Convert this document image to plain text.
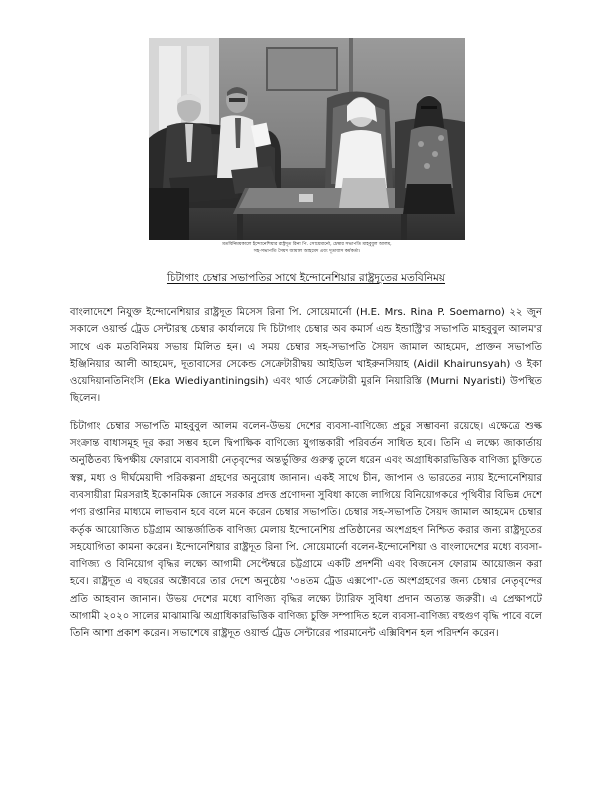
মতবিনিময়কালে ইন্দোনেশিয়ার রাষ্ট্রদূত রিনা পি. সোয়েমার্নো, চেম্বার সভাপতি মাহবুবুল আলম,
সহ-সভাপতি সৈয়দ জামাল আহমেদ এবং দূতাবাস কর্মকর্তা।
চিটাগাং চেম্বার সভাপতির সাথে ইন্দোনেশিয়ার রাষ্ট্রদূতের মতবিনিময়

বাংলাদেশে নিযুক্ত ইন্দোনেশিয়ার রাষ্ট্রদূত মিসেস রিনা পি. সোয়েমার্নো (H.E. Mrs. Rina P. Soemarno) ২২ জুন সকালে ওয়ার্ল্ড ট্রেড সেন্টারস্থ চেম্বার কার্যালয়ে দি চিটাগাং চেম্বার অব কমার্স এন্ড ইন্ডাস্ট্রি'র সভাপতি মাহবুবুল আলম'র সাথে এক মতবিনিময় সভায় মিলিত হন। এ সময় চেম্বার সহ-সভাপতি সৈয়দ জামাল আহমেদ, প্রাক্তন সভাপতি ইঞ্জিনিয়ার আলী আহমেদ, দূতাবাসের সেকেন্ড সেক্রেটারীদ্বয় আইডিল খাইরুনসিয়াহ (Aidil Khairunsyah) ও ইকা ওয়েদিয়ানতিনিংসি (Eka Wiediyantiningsih) এবং থার্ড সেক্রেটারী মুরনি নিয়ারিস্তি (Murni Nyaristi) উপস্থিত ছিলেন।

চিটাগাং চেম্বার সভাপতি মাহবুবুল আলম বলেন-উভয় দেশের ব্যবসা-বাণিজ্যে প্রচুর সম্ভাবনা রয়েছে। এক্ষেত্রে শুল্ক সংক্রান্ত বাধাসমূহ দূর করা সম্ভব হলে দ্বিপাক্ষিক বাণিজ্যে যুগান্তকারী পরিবর্তন সাধিত হবে। তিনি এ লক্ষ্যে জাকার্তায় অনুষ্ঠিতব্য দ্বিপক্ষীয় ফোরামে ব্যবসায়ী নেতৃবৃন্দের অন্তর্ভুক্তির গুরুত্ব তুলে ধরেন এবং অগ্রাধিকারভিত্তিক বাণিজ্য চুক্তিতে স্বল্প, মধ্য ও দীর্ঘমেয়াদী পরিকল্পনা গ্রহণের অনুরোধ জানান। একই সাথে চীন, জাপান ও ভারতের ন্যায় ইন্দোনেশিয়ার ব্যবসায়ীরা মিরসরাই ইকোনমিক জোনে সরকার প্রদত্ত প্রণোদনা সুবিধা কাজে লাগিয়ে বিনিয়োগকরে পৃথিবীর বিভিন্ন দেশে পণ্য রপ্তানির মাধ্যমে লাভবান হবে বলে মনে করেন চেম্বার সভাপতি। চেম্বার সহ-সভাপতি সৈয়দ জামাল আহমেদ চেম্বার কর্তৃক আয়োজিত চট্টগ্রাম আন্তর্জাতিক বাণিজ্য মেলায় ইন্দোনেশিয় প্রতিষ্ঠানের অংশগ্রহণ নিশ্চিত করার জন্য রাষ্ট্রদূতের সহযোগিতা কামনা করেন। ইন্দোনেশিয়ার রাষ্ট্রদূত রিনা পি. সোয়েমার্নো বলেন-ইন্দোনেশিয়া ও বাংলাদেশের মধ্যে ব্যবসা-বাণিজ্য ও বিনিয়োগ বৃদ্ধির লক্ষ্যে আগামী সেপ্টেম্বরে চট্টগ্রামে একটি প্রদর্শনী এবং বিজনেস ফোরাম আয়োজন করা হবে। রাষ্ট্রদূত এ বছরের অক্টোবরে তার দেশে অনুষ্ঠেয় '৩৪তম ট্রেড এক্সপো'-তে অংশগ্রহণের জন্য চেম্বার নেতৃবৃন্দের প্রতি আহবান জানান। উভয় দেশের মধ্যে বাণিজ্য বৃদ্ধির লক্ষ্যে ট্যারিফ সুবিধা প্রদান অত্যন্ত জরুরী। এ প্রেক্ষাপটে আগামী ২০২০ সালের মাঝামাঝি অগ্রাধিকারভিত্তিক বাণিজ্য চুক্তি সম্পাদিত হলে ব্যবসা-বাণিজ্য বহুগুণ বৃদ্ধি পাবে বলে তিনি আশা প্রকাশ করেন। সভাশেষে রাষ্ট্রদূত ওয়ার্ল্ড ট্রেড সেন্টারের পারমানেন্ট এক্সিবিশন হল পরিদর্শন করেন।
